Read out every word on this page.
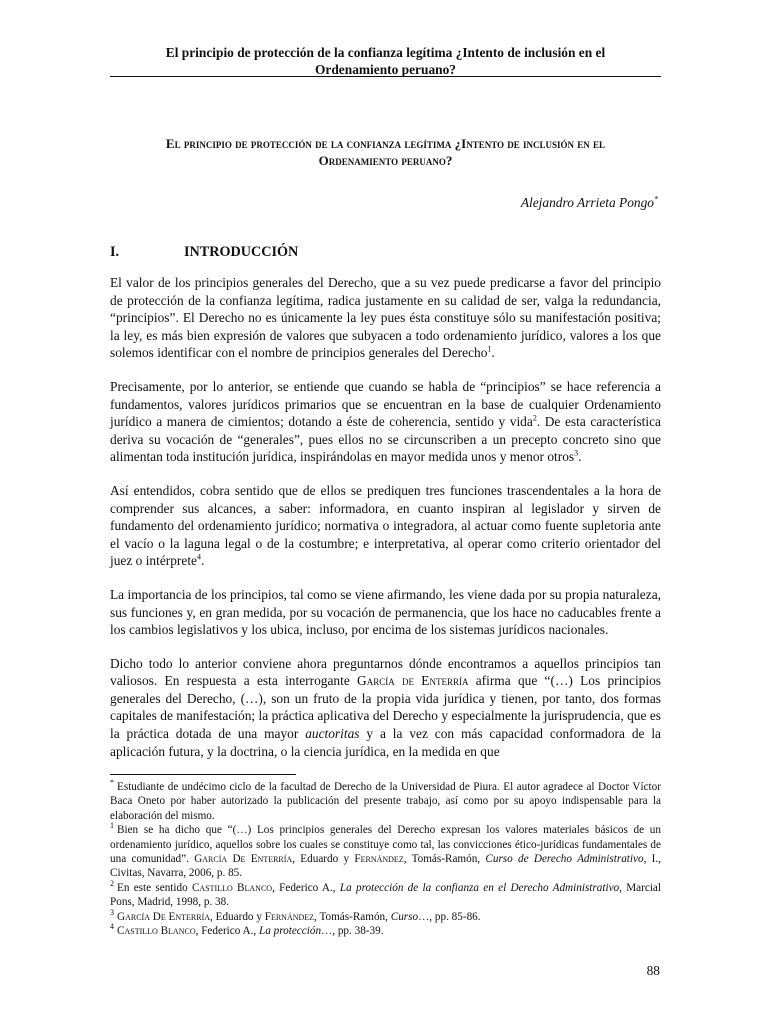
El principio de protección de la confianza legítima ¿Intento de inclusión en el
Ordenamiento peruano?
El principio de protección de la confianza legítima ¿Intento de inclusión en el
Ordenamiento peruano?
Alejandro Arrieta Pongo*
I.	INTRODUCCIÓN

El valor de los principios generales del Derecho, que a su vez puede predicarse a favor del principio de protección de la confianza legítima, radica justamente en su calidad de ser, valga la redundancia, “principios”. El Derecho no es únicamente la ley pues ésta constituye sólo su manifestación positiva; la ley, es más bien expresión de valores que subyacen a todo ordenamiento jurídico, valores a los que solemos identificar con el nombre de principios generales del Derecho$^1$.

Precisamente, por lo anterior, se entiende que cuando se habla de “principios” se hace referencia a fundamentos, valores jurídicos primarios que se encuentran en la base de cualquier Ordenamiento jurídico a manera de cimientos; dotando a éste de coherencia, sentido y vida$^2$. De esta característica deriva su vocación de “generales”, pues ellos no se circunscriben a un precepto concreto sino que alimentan toda institución jurídica, inspirándolas en mayor medida unos y menor otros$^3$.

Así entendidos, cobra sentido que de ellos se prediquen tres funciones trascendentales a la hora de comprender sus alcances, a saber: informadora, en cuanto inspiran al legislador y sirven de fundamento del ordenamiento jurídico; normativa o integradora, al actuar como fuente supletoria ante el vacío o la laguna legal o de la costumbre; e interpretativa, al operar como criterio orientador del juez o intérprete$^4$.

La importancia de los principios, tal como se viene afirmando, les viene dada por su propia naturaleza, sus funciones y, en gran medida, por su vocación de permanencia, que los hace no caducables frente a los cambios legislativos y los ubica, incluso, por encima de los sistemas jurídicos nacionales.

Dicho todo lo anterior conviene ahora preguntarnos dónde encontramos a aquellos principios tan valiosos. En respuesta a esta interrogante García de Enterría afirma que “(…) Los principios generales del Derecho, (…), son un fruto de la propia vida jurídica y tienen, por tanto, dos formas capitales de manifestación; la práctica aplicativa del Derecho y especialmente la jurisprudencia, que es la práctica dotada de una mayor auctoritas y a la vez con más capacidad conformadora de la aplicación futura, y la doctrina, o la ciencia jurídica, en la medida en que

* Estudiante de undécimo ciclo de la facultad de Derecho de la Universidad de Piura. El autor agradece al Doctor Víctor Baca Oneto por haber autorizado la publicación del presente trabajo, así como por su apoyo indispensable para la elaboración del mismo.

$^1$ Bien se ha dicho que “(…) Los principios generales del Derecho expresan los valores materiales básicos de un ordenamiento jurídico, aquellos sobre los cuales se constituye como tal, las convicciones ético-jurídicas fundamentales de una comunidad”. García De Enterría, Eduardo y Fernández, Tomás-Ramón, Curso de Derecho Administrativo, I., Civitas, Navarra, 2006, p. 85.

$^2$ En este sentido Castillo Blanco, Federico A., La protección de la confianza en el Derecho Administrativo, Marcial Pons, Madrid, 1998, p. 38.

$^3$ García De Enterría, Eduardo y Fernández, Tomás-Ramón, Curso…, pp. 85-86.

$^4$ Castillo Blanco, Federico A., La protección…, pp. 38-39.

88
